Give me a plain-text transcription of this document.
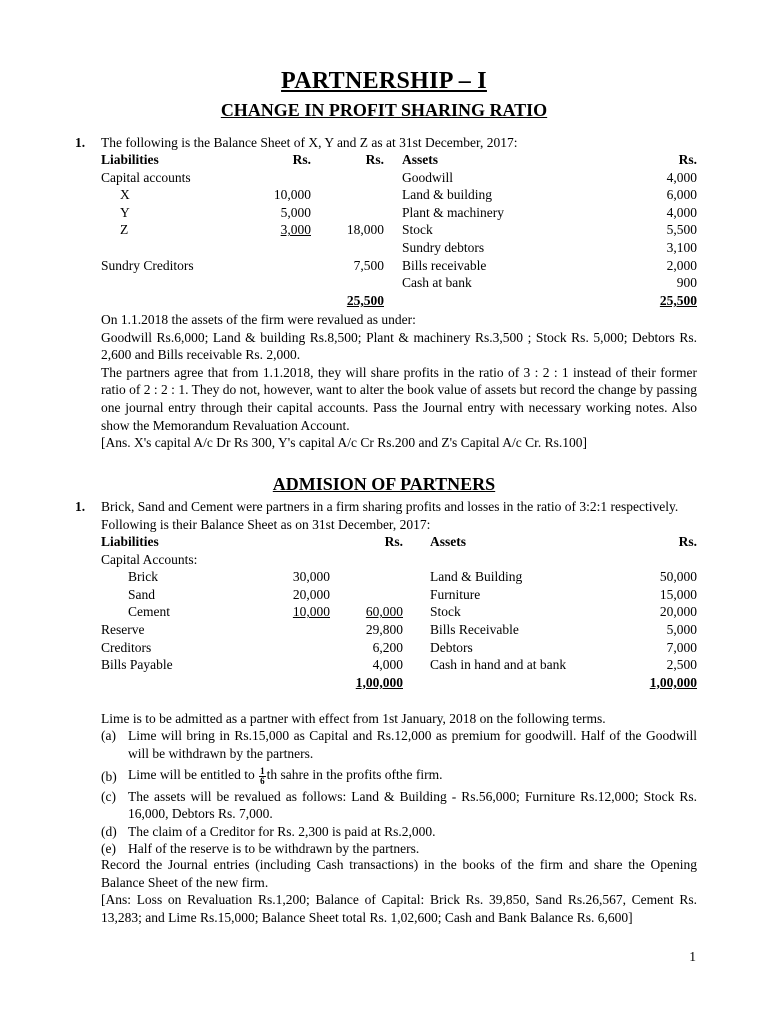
PARTNERSHIP – I
CHANGE IN PROFIT SHARING RATIO
1. The following is the Balance Sheet of X, Y and Z as at 31st December, 2017:
Liabilities	Rs.	Rs. Assets	Rs.
Capital accounts	Goodwill	4,000
X	10,000	Land & building	6,000
Y	5,000	Plant & machinery	4,000
Z	3,000	18,000 Stock	5,500
Sundry debtors	3,100
Sundry Creditors	7,500 Bills receivable	2,000
Cash at bank	900
25,500	25,500

On 1.1.2018 the assets of the firm were revalued as under:

Goodwill Rs.6,000; Land & building Rs.8,500; Plant & machinery Rs.3,500 ; Stock Rs. 5,000; Debtors Rs. 2,600 and Bills receivable Rs. 2,000.

The partners agree that from 1.1.2018, they will share profits in the ratio of 3 : 2 : 1 instead of their former ratio of 2 : 2 : 1. They do not, however, want to alter the book value of assets but record the change by passing one journal entry through their capital accounts. Pass the Journal entry with necessary working notes. Also show the Memorandum Revaluation Account.

[Ans. X's capital A/c Dr Rs 300, Y's capital A/c Cr Rs.200 and Z's Capital A/c Cr. Rs.100]

ADMISION OF PARTNERS
1. Brick, Sand and Cement were partners in a firm sharing profits and losses in the ratio of 3:2:1 respectively.

Following is their Balance Sheet as on 31st December, 2017:

Liabilities	Rs. Assets	Rs.
Capital Accounts:
Brick	30,000	Land & Building	50,000
Sand	20,000	Furniture	15,000
Cement	10,000	60,000 Stock	20,000
Reserve	29,800 Bills Receivable	5,000
Creditors	6,200 Debtors	7,000
Bills Payable	4,000 Cash in hand and at bank	2,500
1,00,000	1,00,000
Lime is to be admitted as a partner with effect from 1st January, 2018 on the following terms.
(a) Lime will bring in Rs.15,000 as Capital and Rs.12,000 as premium for goodwill. Half of the Goodwill will be withdrawn by the partners.
(b) Lime will be entitled to $\frac{1}{6}$ th sahre in the profits ofthe firm.
(c) The assets will be revalued as follows: Land & Building - Rs.56,000; Furniture Rs.12,000; Stock Rs. 16,000, Debtors Rs. 7,000.
(d) The claim of a Creditor for Rs. 2,300 is paid at Rs.2,000.
(e) Half of the reserve is to be withdrawn by the partners.

Record the Journal entries (including Cash transactions) in the books of the firm and share the Opening Balance Sheet of the new firm.

[Ans: Loss on Revaluation Rs.1,200; Balance of Capital: Brick Rs. 39,850, Sand Rs.26,567, Cement Rs. 13,283; and Lime Rs.15,000; Balance Sheet total Rs. 1,02,600; Cash and Bank Balance Rs. 6,600]

1
